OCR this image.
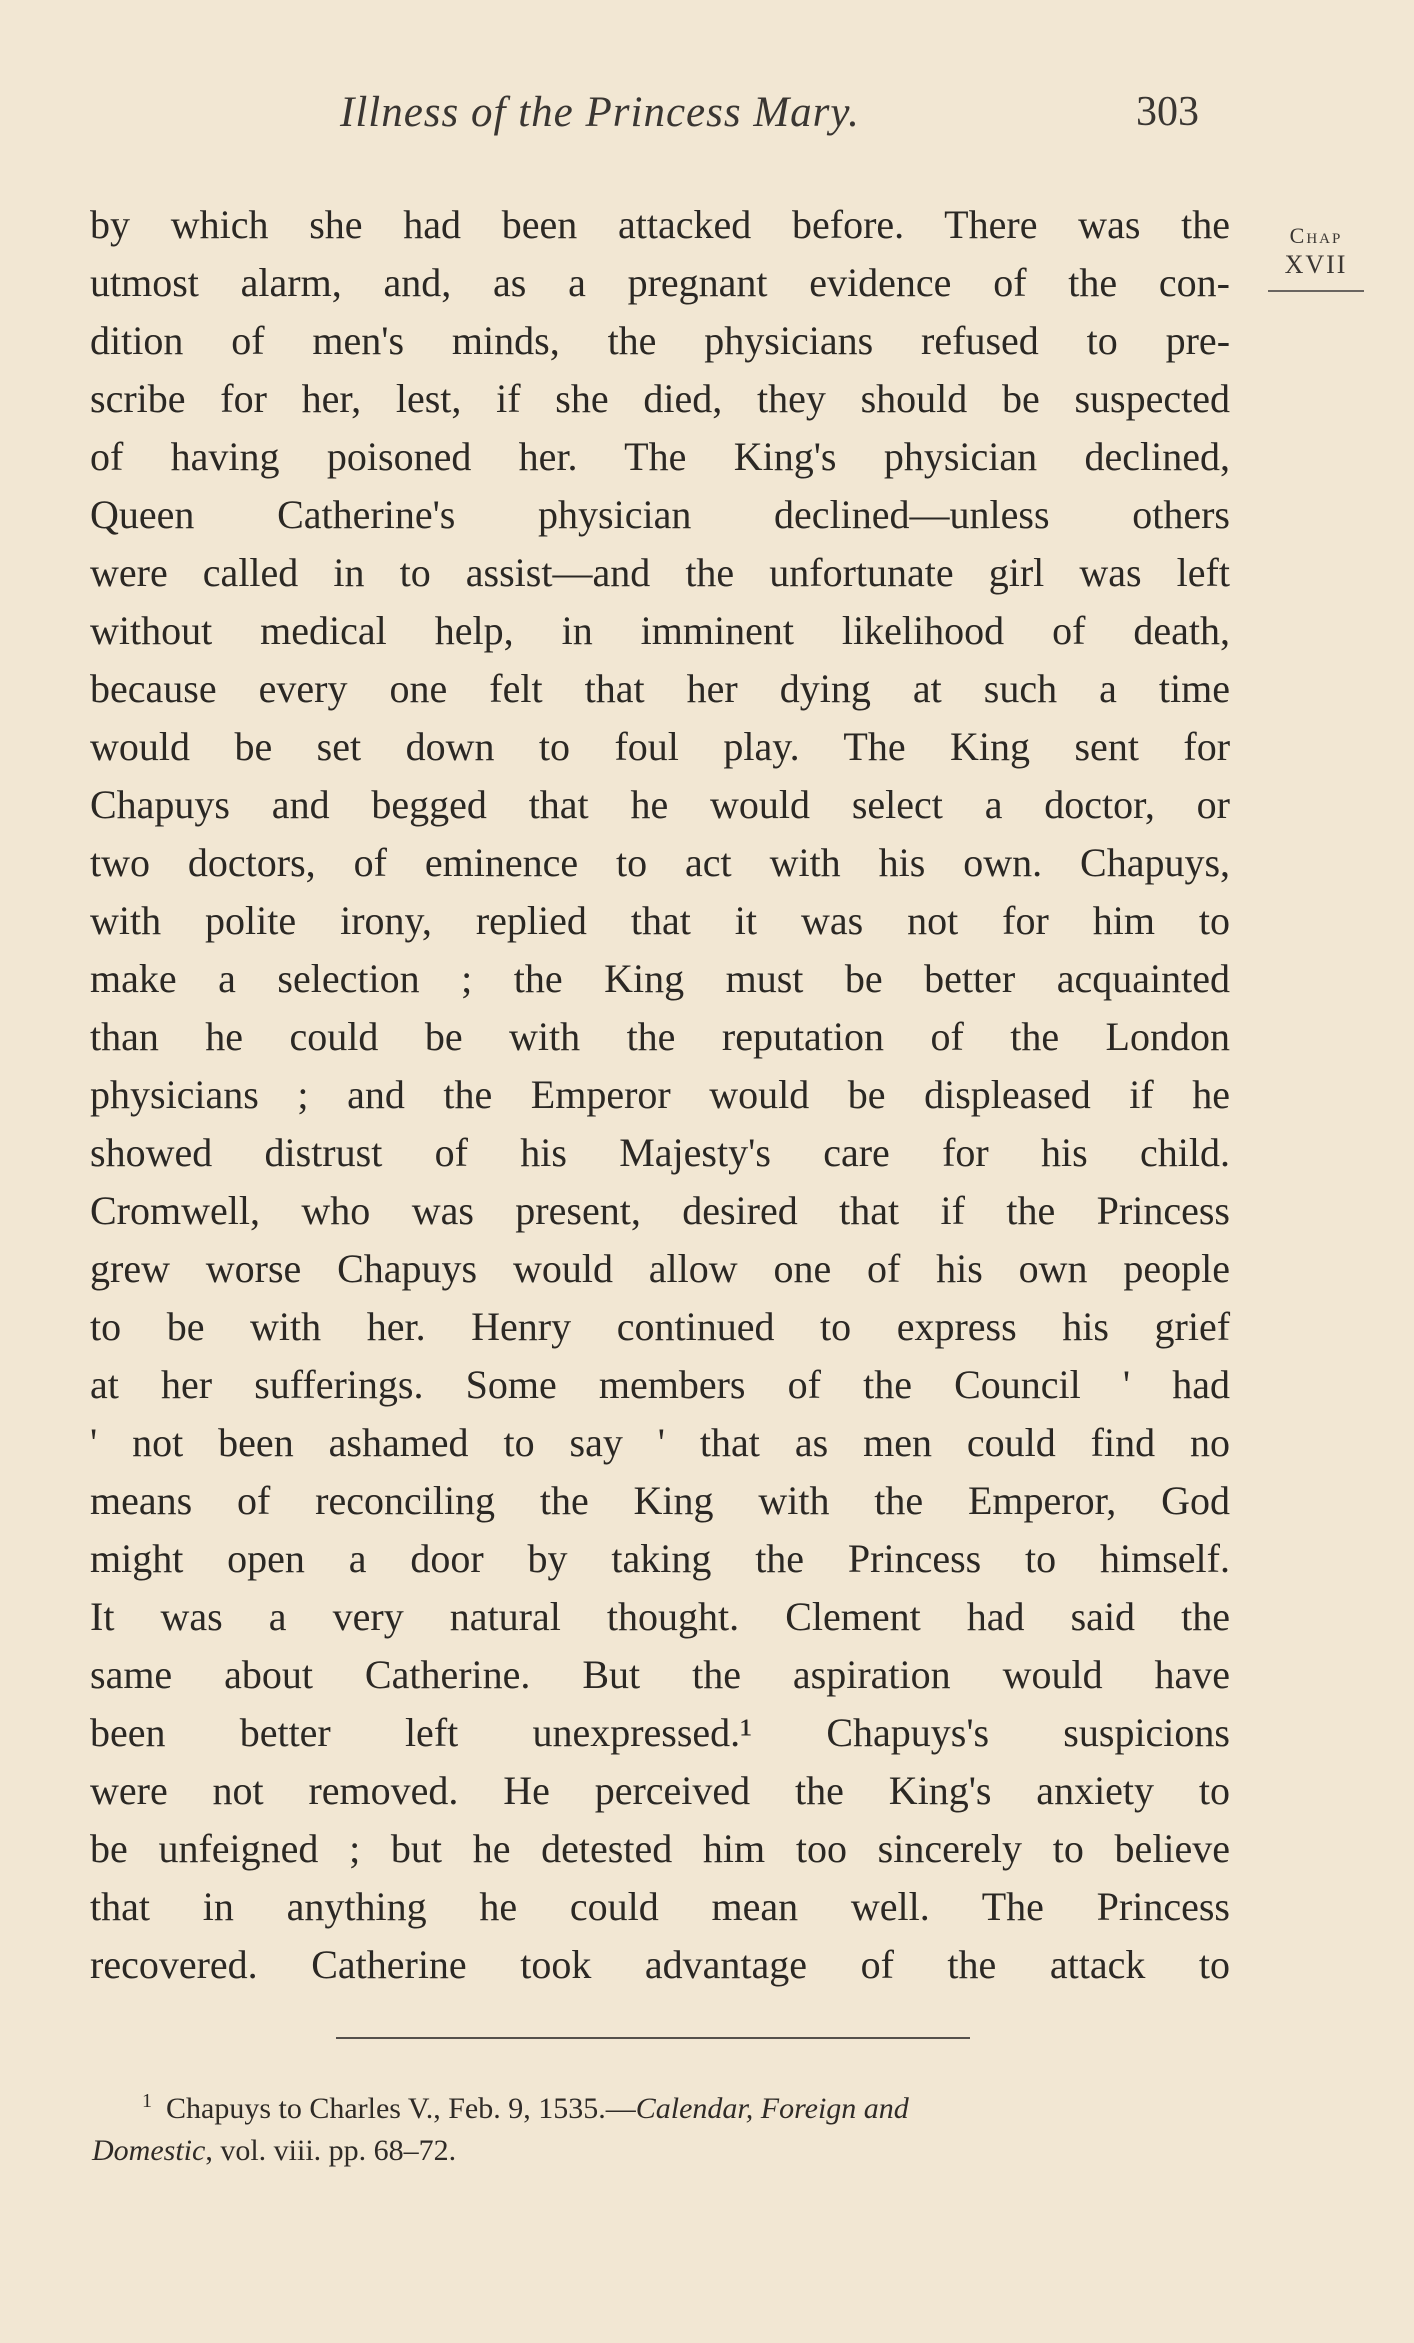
Illness of the Princess Mary.	303
Chap
XVII
by which she had been attacked before. There was the
utmost alarm, and, as a pregnant evidence of the con-
dition of men's minds, the physicians refused to pre-
scribe for her, lest, if she died, they should be suspected
of having poisoned her. The King's physician declined,
Queen Catherine's physician declined—unless others
were called in to assist—and the unfortunate girl was left
without medical help, in imminent likelihood of death,
because every one felt that her dying at such a time
would be set down to foul play. The King sent for
Chapuys and begged that he would select a doctor, or
two doctors, of eminence to act with his own. Chapuys,
with polite irony, replied that it was not for him to
make a selection ; the King must be better acquainted
than he could be with the reputation of the London
physicians ; and the Emperor would be displeased if he
showed distrust of his Majesty's care for his child.
Cromwell, who was present, desired that if the Princess
grew worse Chapuys would allow one of his own people
to be with her. Henry continued to express his grief
at her sufferings. Some members of the Council ' had
' not been ashamed to say ' that as men could find no
means of reconciling the King with the Emperor, God
might open a door by taking the Princess to himself.
It was a very natural thought. Clement had said the
same about Catherine. But the aspiration would have
been better left unexpressed.¹ Chapuys's suspicions
were not removed. He perceived the King's anxiety to
be unfeigned ; but he detested him too sincerely to believe
that in anything he could mean well. The Princess
recovered. Catherine took advantage of the attack to
$^1$ Chapuys to Charles V., Feb. 9, 1535.—Calendar, Foreign and
Domestic, vol. viii. pp. 68–72.
